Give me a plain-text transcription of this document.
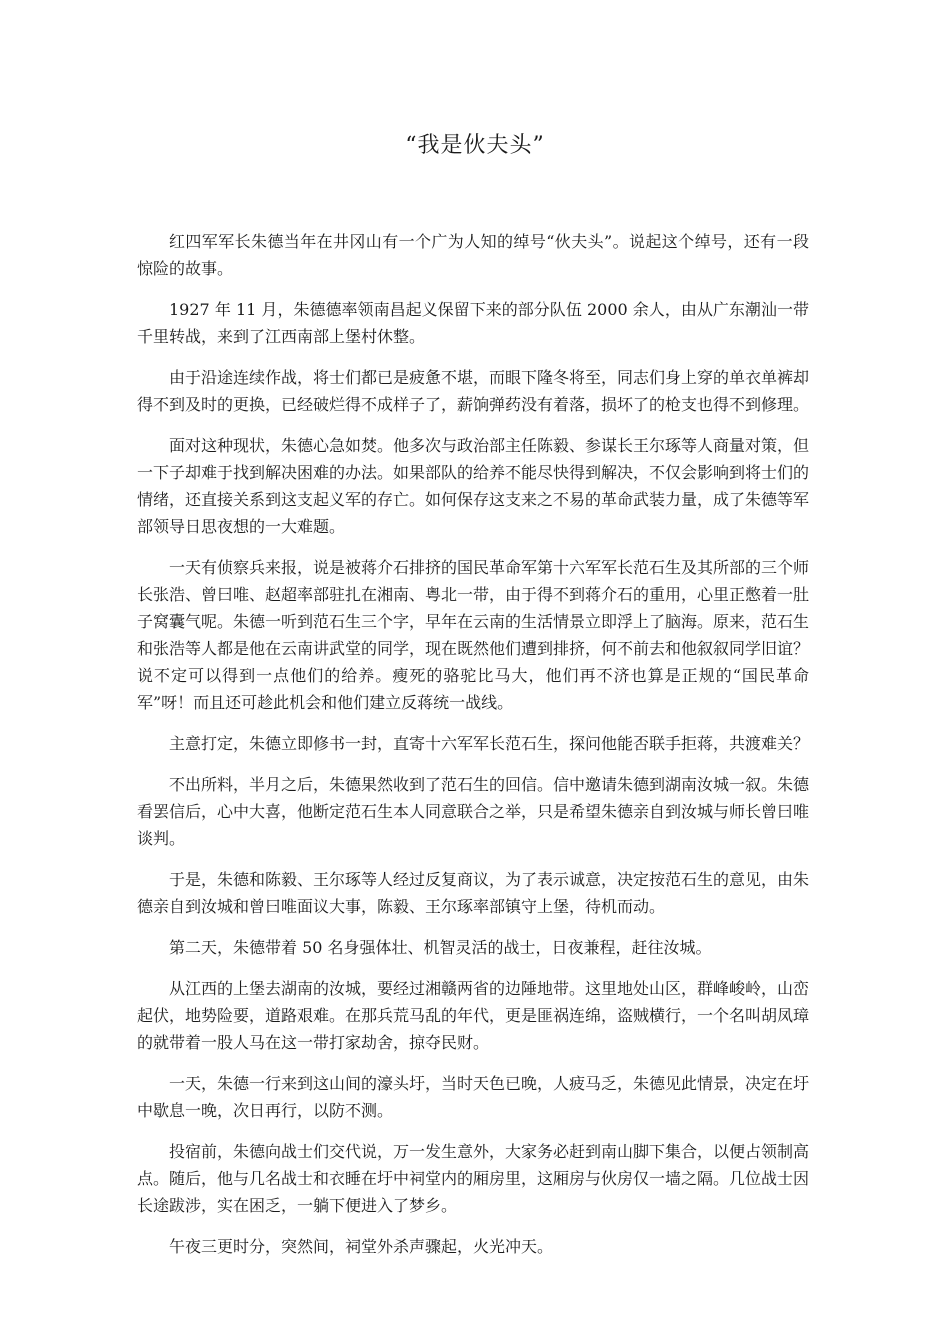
“我是伙夫头”

红四军军长朱德当年在井冈山有一个广为人知的绰号“伙夫头”。说起这个绰号，还有一段惊险的故事。

1927 年 11 月，朱德德率领南昌起义保留下来的部分队伍 2000 余人，由从广东潮汕一带千里转战，来到了江西南部上堡村休整。

由于沿途连续作战，将士们都已是疲惫不堪，而眼下隆冬将至，同志们身上穿的单衣单裤却得不到及时的更换，已经破烂得不成样子了，薪饷弹药没有着落，损坏了的枪支也得不到修理。

面对这种现状，朱德心急如焚。他多次与政治部主任陈毅、参谋长王尔琢等人商量对策，但一下子却难于找到解决困难的办法。如果部队的给养不能尽快得到解决，不仅会影响到将士们的情绪，还直接关系到这支起义军的存亡。如何保存这支来之不易的革命武装力量，成了朱德等军部领导日思夜想的一大难题。

一天有侦察兵来报，说是被蒋介石排挤的国民革命军第十六军军长范石生及其所部的三个师长张浩、曾曰唯、赵超率部驻扎在湘南、粤北一带，由于得不到蒋介石的重用，心里正憋着一肚子窝囊气呢。朱德一听到范石生三个字，早年在云南的生活情景立即浮上了脑海。原来，范石生和张浩等人都是他在云南讲武堂的同学，现在既然他们遭到排挤，何不前去和他叙叙同学旧谊？说不定可以得到一点他们的给养。瘦死的骆驼比马大，他们再不济也算是正规的“国民革命军”呀！而且还可趁此机会和他们建立反蒋统一战线。

主意打定，朱德立即修书一封，直寄十六军军长范石生，探问他能否联手拒蒋，共渡难关？

不出所料，半月之后，朱德果然收到了范石生的回信。信中邀请朱德到湖南汝城一叙。朱德看罢信后，心中大喜，他断定范石生本人同意联合之举，只是希望朱德亲自到汝城与师长曾曰唯谈判。

于是，朱德和陈毅、王尔琢等人经过反复商议，为了表示诚意，决定按范石生的意见，由朱德亲自到汝城和曾曰唯面议大事，陈毅、王尔琢率部镇守上堡，待机而动。

第二天，朱德带着 50 名身强体壮、机智灵活的战士，日夜兼程，赶往汝城。

从江西的上堡去湖南的汝城，要经过湘赣两省的边陲地带。这里地处山区，群峰峻岭，山峦起伏，地势险要，道路艰难。在那兵荒马乱的年代，更是匪祸连绵，盗贼横行，一个名叫胡凤璋的就带着一股人马在这一带打家劫舍，掠夺民财。

一天，朱德一行来到这山间的濠头圩，当时天色已晚，人疲马乏，朱德见此情景，决定在圩中歇息一晚，次日再行，以防不测。

投宿前，朱德向战士们交代说，万一发生意外，大家务必赶到南山脚下集合，以便占领制高点。随后，他与几名战士和衣睡在圩中祠堂内的厢房里，这厢房与伙房仅一墙之隔。几位战士因长途跋涉，实在困乏，一躺下便进入了梦乡。

午夜三更时分，突然间，祠堂外杀声骤起，火光冲天。
